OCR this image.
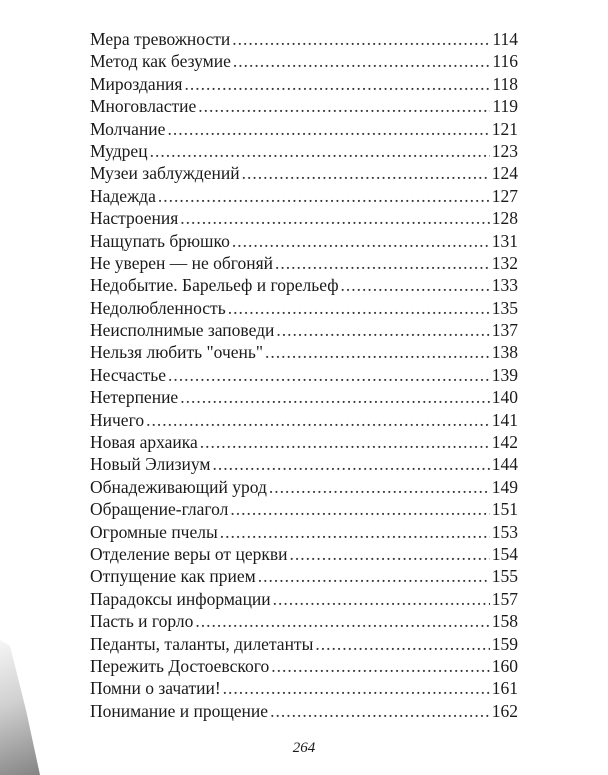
Мера тревожности .....	114
Метод как безумие .....	116
Мироздания .....	118
Многовластие .....	119
Молчание .....	121
Мудрец .....	123
Музеи заблуждений .....	124
Надежда .....	127
Настроения .....	128
Нащупать брюшко .....	131
Не уверен — не обгоняй .....	132
Недобытие. Барельеф и горельеф .....	133
Недолюбленность .....	135
Неисполнимые заповеди .....	137
Нельзя любить "очень" .....	138
Несчастье .....	139
Нетерпение .....	140
Ничего .....	141
Новая архаика .....	142
Новый Элизиум .....	144
Обнадеживающий урод .....	149
Обращение-глагол .....	151
Огромные пчелы .....	153
Отделение веры от церкви .....	154
Отпущение как прием .....	155
Парадоксы информации .....	157
Пасть и горло .....	158
Педанты, таланты, дилетанты .....	159
Пережить Достоевского .....	160
Помни о зачатии! .....	161
Понимание и прощение .....	162
264
